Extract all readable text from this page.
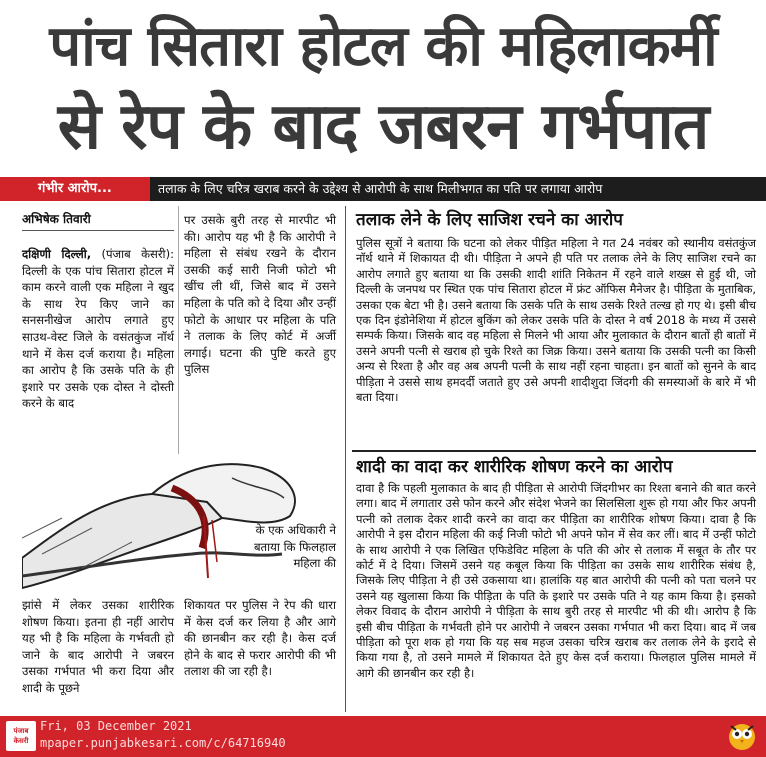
पांच सितारा होटल की महिलाकर्मी
से रेप के बाद जबरन गर्भपात
गंभीर आरोप...	तलाक के लिए चरित्र खराब करने के उद्देश्य से आरोपी के साथ मिलीभगत का पति पर लगाया आरोप
अभिषेक तिवारी
दक्षिणी दिल्ली, (पंजाब केसरी): दिल्ली के एक पांच सितारा होटल में काम करने वाली एक महिला ने खुद के साथ रेप किए जाने का सनसनीखेज आरोप लगाते हुए साउथ-वेस्ट जिले के वसंतकुंज नॉर्थ थाने में केस दर्ज कराया है। महिला का आरोप है कि उसके पति के ही इशारे पर उसके एक दोस्त ने दोस्ती करने के बाद
पर उसके बुरी तरह से मारपीट भी की। आरोप यह भी है कि आरोपी ने महिला से संबंध रखने के दौरान उसकी कई सारी निजी फोटो भी खींच ली थीं, जिसे बाद में उसने महिला के पति को दे दिया और उन्हीं फोटो के आधार पर महिला के पति ने तलाक के लिए कोर्ट में अर्जी लगाई। घटना की पुष्टि करते हुए पुलिस
के एक अधिकारी ने बताया कि फिलहाल महिला की
झांसे में लेकर उसका शारीरिक शोषण किया। इतना ही नहीं आरोप यह भी है कि महिला के गर्भवती हो जाने के बाद आरोपी ने जबरन उसका गर्भपात भी करा दिया और शादी के पूछने
शिकायत पर पुलिस ने रेप की धारा में केस दर्ज कर लिया है और आगे की छानबीन कर रही है। केस दर्ज होने के बाद से फरार आरोपी की भी तलाश की जा रही है।
तलाक लेने के लिए साजिश रचने का आरोप
पुलिस सूत्रों ने बताया कि घटना को लेकर पीड़ित महिला ने गत 24 नवंबर को स्थानीय वसंतकुंज नॉर्थ थाने में शिकायत दी थी। पीड़िता ने अपने ही पति पर तलाक लेने के लिए साजिश रचने का आरोप लगाते हुए बताया था कि उसकी शादी शांति निकेतन में रहने वाले शख्स से हुई थी, जो दिल्ली के जनपथ पर स्थित एक पांच सितारा होटल में फ्रंट ऑफिस मैनेजर है। पीड़िता के मुताबिक, उसका एक बेटा भी है। उसने बताया कि उसके पति के साथ उसके रिश्ते तल्ख हो गए थे। इसी बीच एक दिन इंडोनेशिया में होटल बुकिंग को लेकर उसके पति के दोस्त ने वर्ष 2018 के मध्य में उससे सम्पर्क किया। जिसके बाद वह महिला से मिलने भी आया और मुलाकात के दौरान बातों ही बातों में उसने अपनी पत्नी से खराब हो चुके रिश्ते का जिक्र किया। उसने बताया कि उसकी पत्नी का किसी अन्य से रिश्ता है और वह अब अपनी पत्नी के साथ नहीं रहना चाहता। इन बातों को सुनने के बाद पीड़िता ने उससे साथ हमदर्दी जताते हुए उसे अपनी शादीशुदा जिंदगी की समस्याओं के बारे में भी बता दिया।
शादी का वादा कर शारीरिक शोषण करने का आरोप
दावा है कि पहली मुलाकात के बाद ही पीड़िता से आरोपी जिंदगीभर का रिश्ता बनाने की बात करने लगा। बाद में लगातार उसे फोन करने और संदेश भेजने का सिलसिला शुरू हो गया और फिर अपनी पत्नी को तलाक देकर शादी करने का वादा कर पीड़िता का शारीरिक शोषण किया। दावा है कि आरोपी ने इस दौरान महिला की कई निजी फोटो भी अपने फोन में सेव कर लीं। बाद में उन्हीं फोटो के साथ आरोपी ने एक लिखित एफिडेविट महिला के पति की ओर से तलाक में सबूत के तौर पर कोर्ट में दे दिया। जिसमें उसने यह कबूल किया कि पीड़िता का उसके साथ शारीरिक संबंध है, जिसके लिए पीड़िता ने ही उसे उकसाया था। हालांकि यह बात आरोपी की पत्नी को पता चलने पर उसने यह खुलासा किया कि पीड़िता के पति के इशारे पर उसके पति ने यह काम किया है। इसको लेकर विवाद के दौरान आरोपी ने पीड़िता के साथ बुरी तरह से मारपीट भी की थी। आरोप है कि इसी बीच पीड़िता के गर्भवती होने पर आरोपी ने जबरन उसका गर्भपात भी करा दिया। बाद में जब पीड़िता को पूरा शक हो गया कि यह सब महज उसका चरित्र खराब कर तलाक लेने के इरादे से किया गया है, तो उसने मामले में शिकायत देते हुए केस दर्ज कराया। फिलहाल पुलिस मामले में आगे की छानबीन कर रही है।
पंजाब केसरी
Fri, 03 December 2021
mpaper.punjabkesari.com/c/64716940
